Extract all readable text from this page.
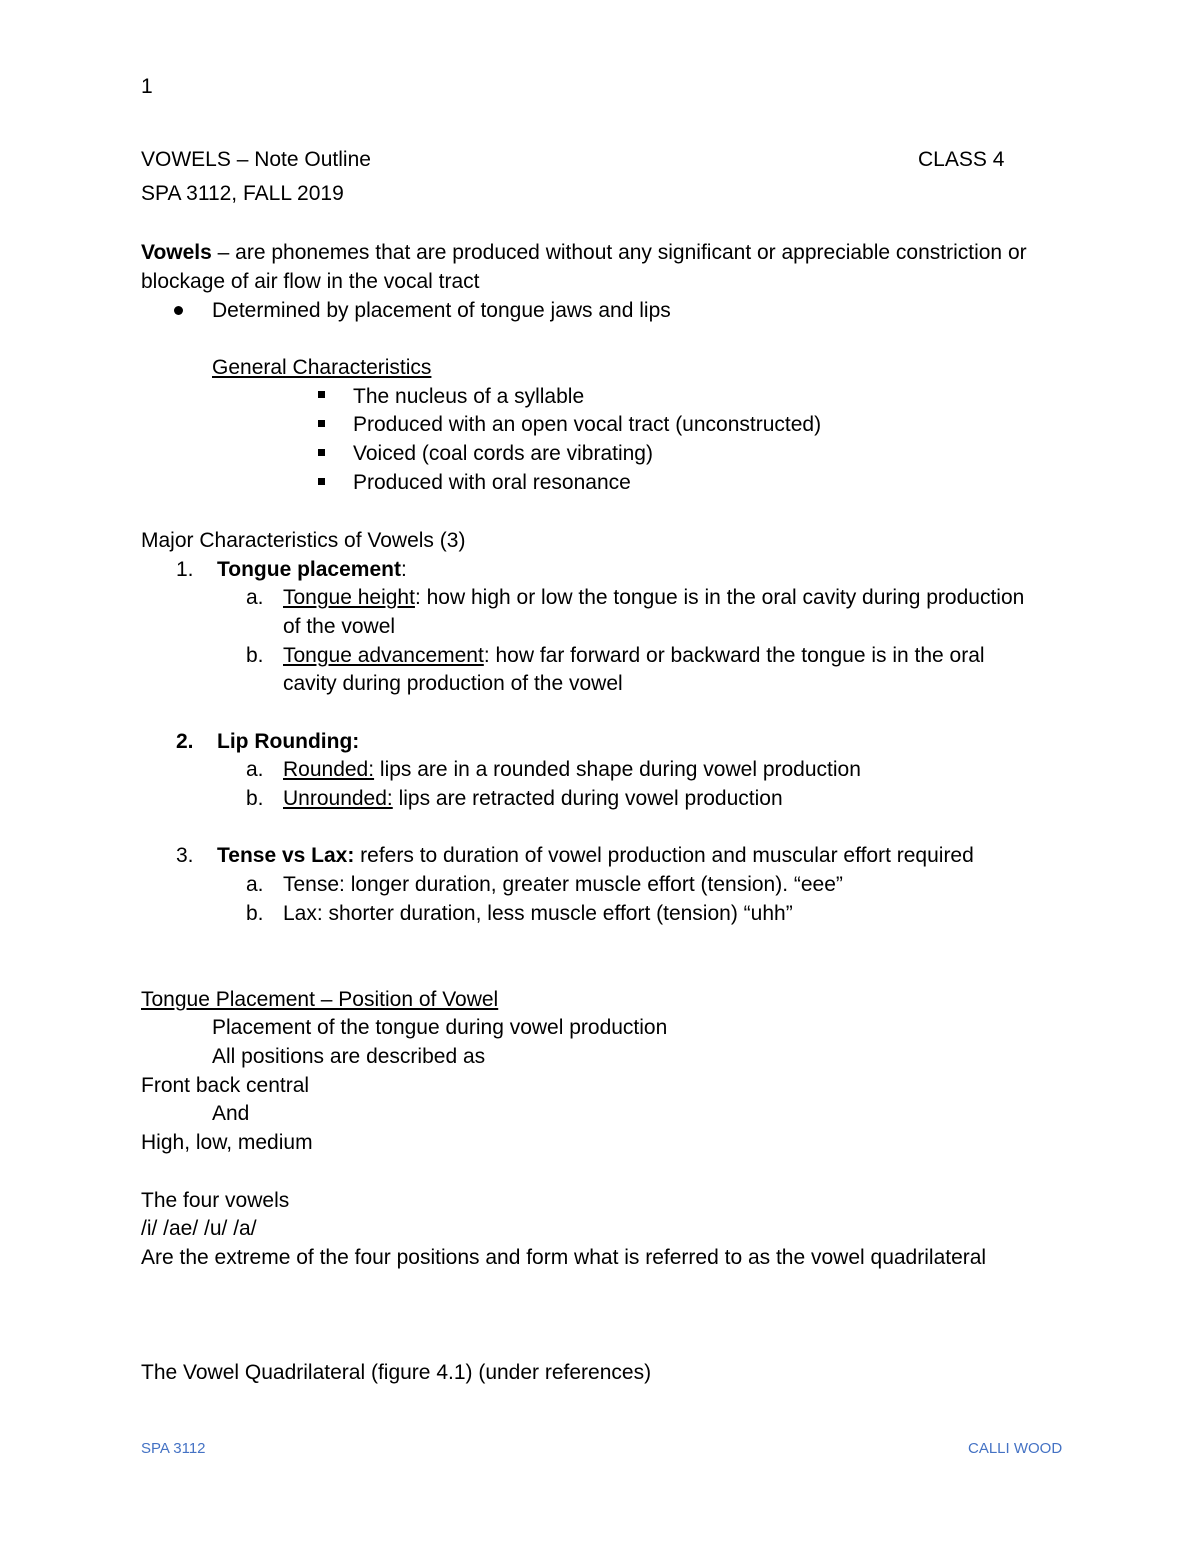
1
VOWELS – Note Outline	CLASS 4
SPA 3112, FALL 2019
Vowels – are phonemes that are produced without any significant or appreciable constriction or
blockage of air flow in the vocal tract
Determined by placement of tongue jaws and lips
General Characteristics
The nucleus of a syllable
Produced with an open vocal tract (unconstructed)
Voiced (coal cords are vibrating)
Produced with oral resonance
Major Characteristics of Vowels (3)
1. Tongue placement:
a. Tongue height: how high or low the tongue is in the oral cavity during production
of the vowel
b. Tongue advancement: how far forward or backward the tongue is in the oral
cavity during production of the vowel
2. Lip Rounding:
a. Rounded: lips are in a rounded shape during vowel production
b. Unrounded: lips are retracted during vowel production
3. Tense vs Lax: refers to duration of vowel production and muscular effort required
a. Tense: longer duration, greater muscle effort (tension). “eee”
b. Lax: shorter duration, less muscle effort (tension) “uhh”
Tongue Placement – Position of Vowel
Placement of the tongue during vowel production
All positions are described as
Front back central
And
High, low, medium
The four vowels
/i/ /ae/ /u/ /a/
Are the extreme of the four positions and form what is referred to as the vowel quadrilateral
The Vowel Quadrilateral (figure 4.1) (under references)
SPA 3112	CALLI WOOD
